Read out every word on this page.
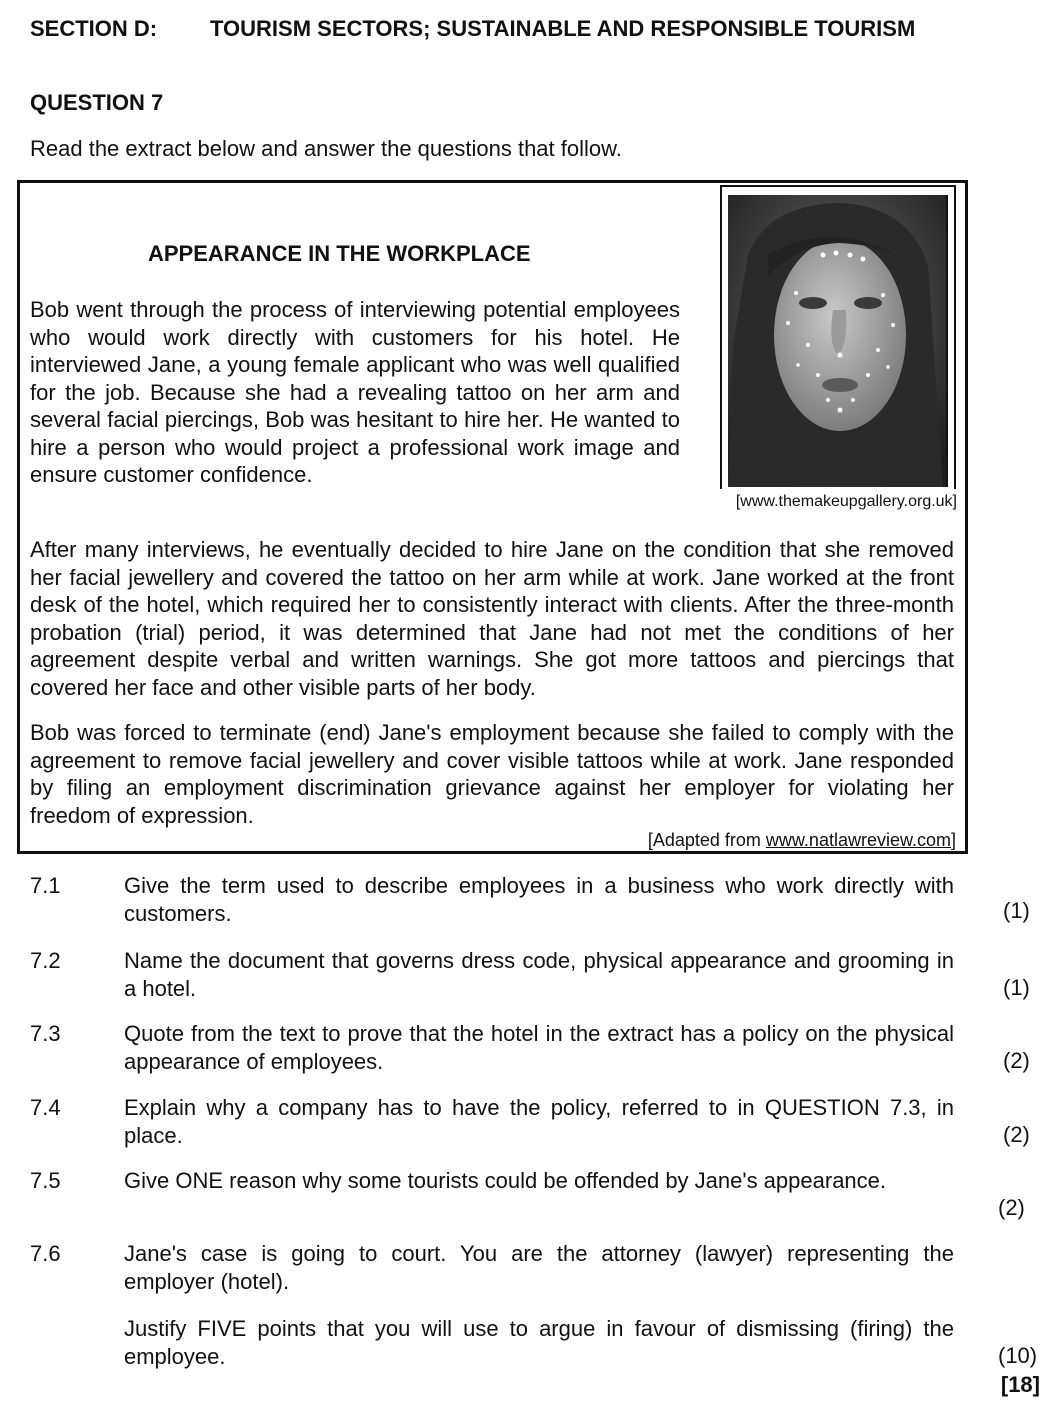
SECTION D:	TOURISM SECTORS; SUSTAINABLE AND RESPONSIBLE TOURISM
QUESTION 7
Read the extract below and answer the questions that follow.
[www.themakeupgallery.org.uk]
APPEARANCE IN THE WORKPLACE
Bob went through the process of interviewing potential employees who would work directly with customers for his hotel. He interviewed Jane, a young female applicant who was well qualified for the job. Because she had a revealing tattoo on her arm and several facial piercings, Bob was hesitant to hire her. He wanted to hire a person who would project a professional work image and ensure customer confidence.
After many interviews, he eventually decided to hire Jane on the condition that she removed her facial jewellery and covered the tattoo on her arm while at work. Jane worked at the front desk of the hotel, which required her to consistently interact with clients. After the three-month probation (trial) period, it was determined that Jane had not met the conditions of her agreement despite verbal and written warnings. She got more tattoos and piercings that covered her face and other visible parts of her body.
Bob was forced to terminate (end) Jane's employment because she failed to comply with the agreement to remove facial jewellery and cover visible tattoos while at work. Jane responded by filing an employment discrimination grievance against her employer for violating her freedom of expression.
[Adapted from www.natlawreview.com]
7.1	Give the term used to describe employees in a business who work directly with customers.	(1)
7.2	Name the document that governs dress code, physical appearance and grooming in a hotel.	(1)
7.3	Quote from the text to prove that the hotel in the extract has a policy on the physical appearance of employees.	(2)
7.4	Explain why a company has to have the policy, referred to in QUESTION 7.3, in place.	(2)
7.5	Give ONE reason why some tourists could be offended by Jane's appearance.
(2)
7.6	Jane's case is going to court. You are the attorney (lawyer) representing the employer (hotel).
Justify FIVE points that you will use to argue in favour of dismissing (firing) the employee.	(10)
[18]
